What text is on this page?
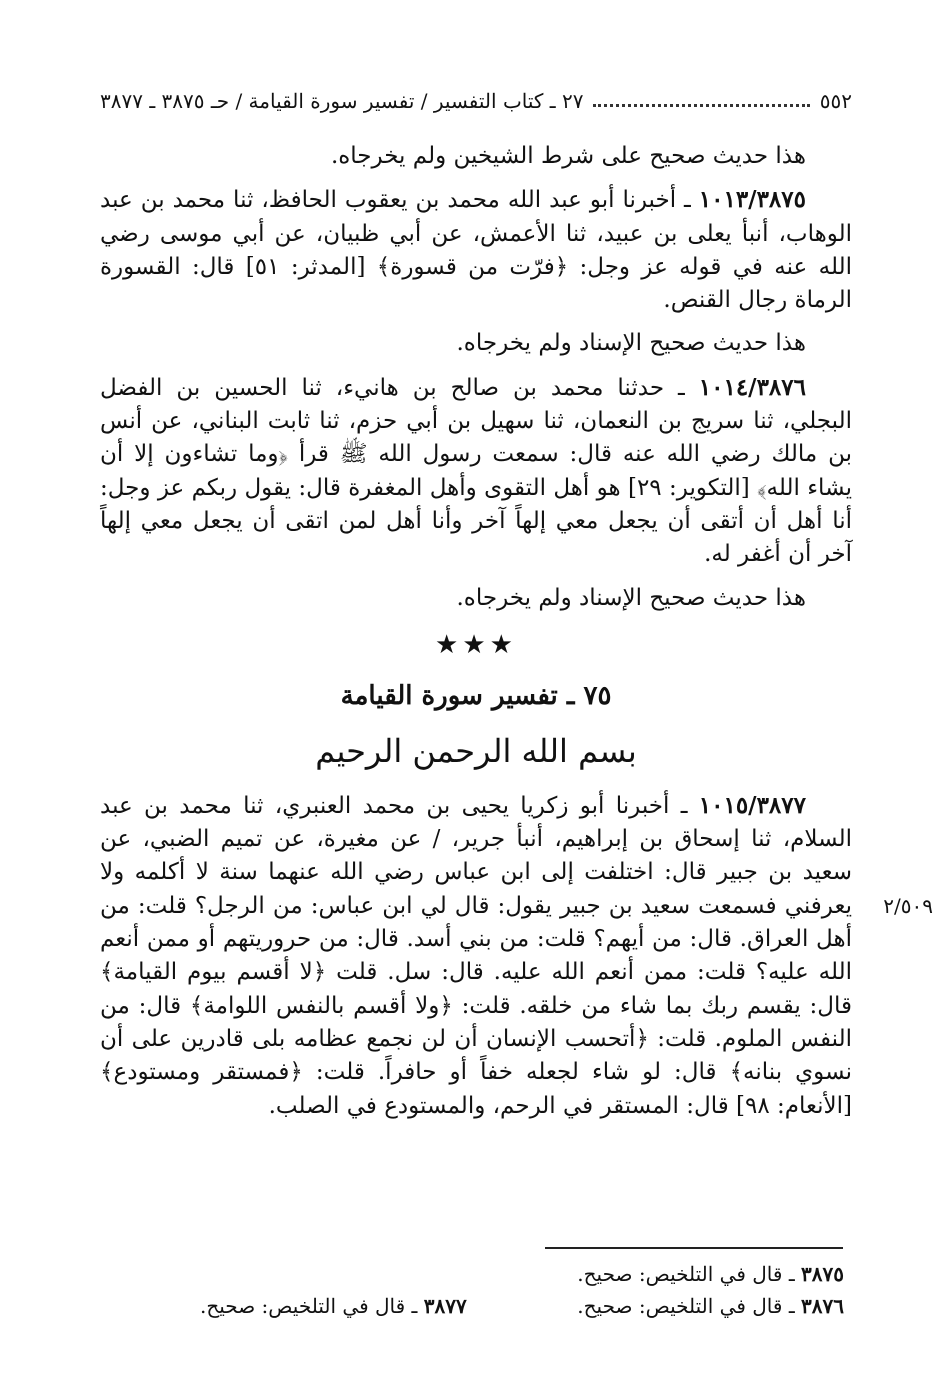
٥٥٢
٢٧ ـ كتاب التفسير / تفسير سورة القيامة / حـ ٣٨٧٥ ـ ٣٨٧٧

هذا حديث صحيح على شرط الشيخين ولم يخرجاه.

١٠١٣/٣٨٧٥ ـ أخبرنا أبو عبد الله محمد بن يعقوب الحافظ، ثنا محمد بن عبد الوهاب، أنبأ يعلى بن عبيد، ثنا الأعمش، عن أبي ظبيان، عن أبي موسى رضي الله عنه في قوله عز وجل: ﴿فرّت من قسورة﴾ [المدثر: ٥١] قال: القسورة الرماة رجال القنص.

هذا حديث صحيح الإسناد ولم يخرجاه.

١٠١٤/٣٨٧٦ ـ حدثنا محمد بن صالح بن هانيء، ثنا الحسين بن الفضل البجلي، ثنا سريج بن النعمان، ثنا سهيل بن أبي حزم، ثنا ثابت البناني، عن أنس بن مالك رضي الله عنه قال: سمعت رسول الله ﷺ قرأ ﴿وما تشاءون إلا أن يشاء الله﴾ [التكوير: ٢٩] هو أهل التقوى وأهل المغفرة قال: يقول ربكم عز وجل: أنا أهل أن أتقى أن يجعل معي إلهاً آخر وأنا أهل لمن اتقى أن يجعل معي إلهاً آخر أن أغفر له.

هذا حديث صحيح الإسناد ولم يخرجاه.

★★★
٧٥ ـ تفسير سورة القيامة
بسم الله الرحمن الرحيم

١٠١٥/٣٨٧٧ ـ أخبرنا أبو زكريا يحيى بن محمد العنبري، ثنا محمد بن عبد السلام، ثنا إسحاق بن إبراهيم، أنبأ جرير، / عن مغيرة، عن تميم الضبي، عن سعيد بن جبير قال: اختلفت إلى ابن عباس رضي الله عنهما سنة لا أكلمه ولا يعرفني فسمعت سعيد بن جبير يقول: قال لي ابن عباس: من الرجل؟ قلت: من أهل العراق. قال: من أيهم؟ قلت: من بني أسد. قال: من حروريتهم أو ممن أنعم الله عليه؟ قلت: ممن أنعم الله عليه. قال: سل. قلت ﴿لا أقسم بيوم القيامة﴾ قال: يقسم ربك بما شاء من خلقه. قلت: ﴿ولا أقسم بالنفس اللوامة﴾ قال: من النفس الملوم. قلت: ﴿أتحسب الإنسان أن لن نجمع عظامه بلى قادرين على أن نسوي بنانه﴾ قال: لو شاء لجعله خفاً أو حافراً. قلت: ﴿فمستقر ومستودع﴾ [الأنعام: ٩٨] قال: المستقر في الرحم، والمستودع في الصلب.

٢/٥٠٩
٣٨٧٥ ـ قال في التلخيص: صحيح.
٣٨٧٦ ـ قال في التلخيص: صحيح.
٣٨٧٧ ـ قال في التلخيص: صحيح.
